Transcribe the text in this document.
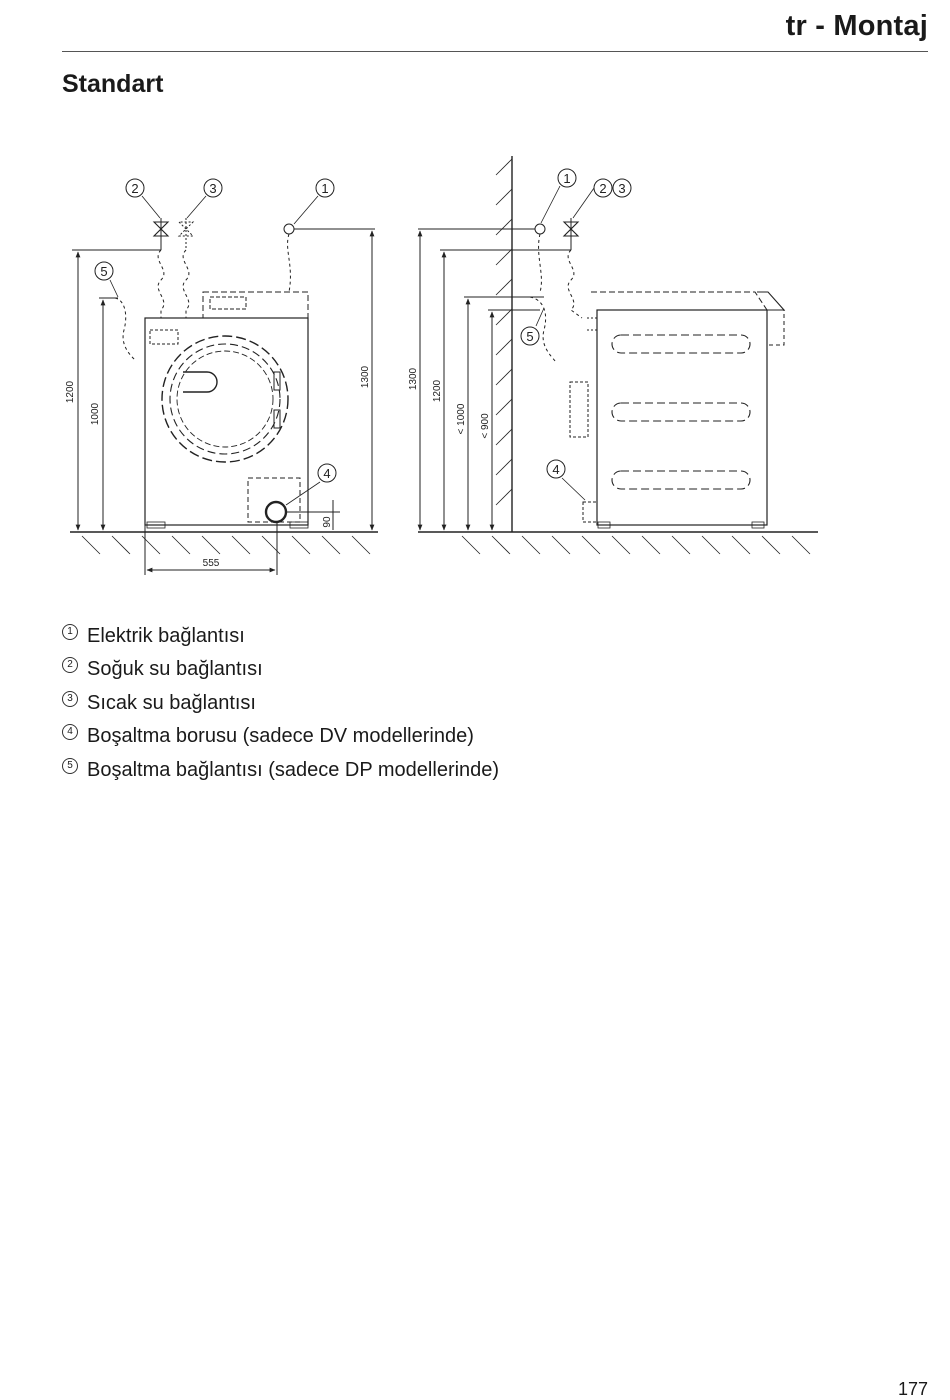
tr - Montaj
Standart
2	3	1
5
4
1
2 3
5
4
1200
1000
1300
90
555
1300
1200
< 1000 < 900
1 Elektrik bağlantısı
2 Soğuk su bağlantısı
3 Sıcak su bağlantısı
4 Boşaltma borusu (sadece DV modellerinde)
5 Boşaltma bağlantısı (sadece DP modellerinde)
177
